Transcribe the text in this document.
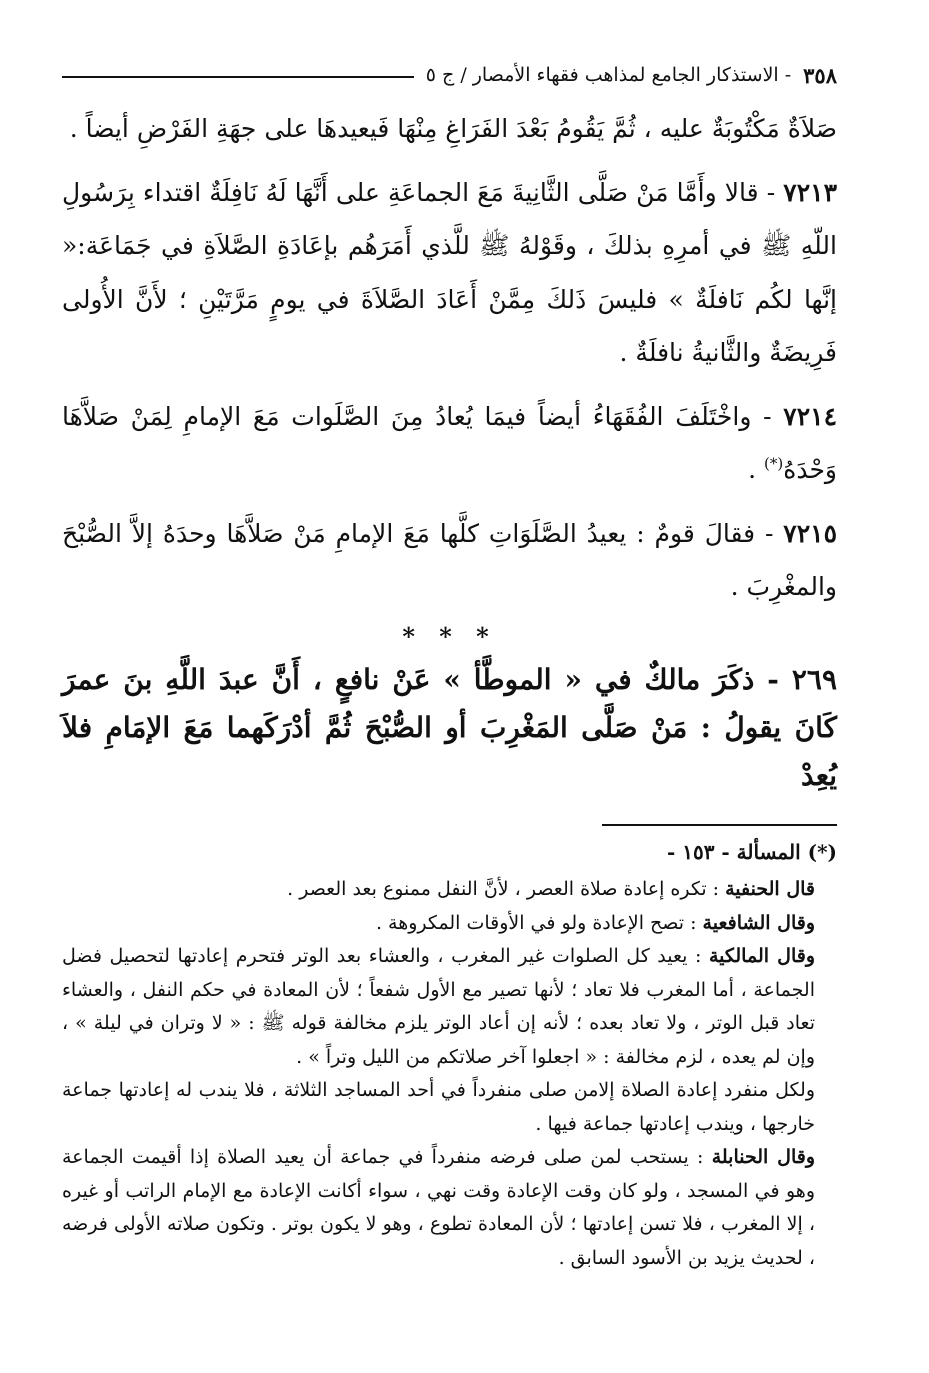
٣٥٨
- الاستذكار الجامع لمذاهب فقهاء الأمصار / ج ٥

صَلاَةٌ مَكْتُوبَةٌ عليه ، ثُمَّ يَقُومُ بَعْدَ الفَرَاغِ مِنْهَا فَيعيدهَا على جهَةِ الفَرْضِ أيضاً .

٧٢١٣ - قالا وأَمَّا مَنْ صَلَّى الثَّانِيةَ مَعَ الجماعَةِ على أَنَّهَا لَهُ نَافِلَةٌ اقتداء بِرَسُولِ اللّهِ ﷺ في أمرِهِ بذلكَ ، وقَوْلهُ ﷺ للَّذي أَمَرَهُم بإعَادَةِ الصَّلاَةِ في جَمَاعَة:« إنَّها لكُم نَافلَةٌ » فليسَ ذَلكَ مِمَّنْ أَعَادَ الصَّلاَةَ في يومٍ مَرَّتَيْنِ ؛ لأَنَّ الأُولى فَرِيضَةٌ والثَّانيةُ نافلَةٌ .

٧٢١٤ - واخْتَلَفَ الفُقَهَاءُ أيضاً فيمَا يُعادُ مِنَ الصَّلَوات مَعَ الإمامِ لِمَنْ صَلاَّهَا وَحْدَهُ(*) .

٧٢١٥ - فقالَ قومٌ : يعيدُ الصَّلَوَاتِ كلَّها مَعَ الإمامِ مَنْ صَلاَّهَا وحدَهُ إلاَّ الصُّبْحَ والمغْرِبَ .

* * *

٢٦٩ - ذكَرَ مالكٌ في « الموطَّأ » عَنْ نافعٍ ، أَنَّ عبدَ اللَّهِ بنَ عمرَ كَانَ يقولُ : مَنْ صَلَّى المَغْرِبَ أو الصُّبْحَ ثُمَّ أدْرَكَهما مَعَ الإمَامِ فلاَ يُعِدْ

(*) المسألة - ١٥٣ -

قال الحنفية : تكره إعادة صلاة العصر ، لأنَّ النفل ممنوع بعد العصر .

وقال الشافعية : تصح الإعادة ولو في الأوقات المكروهة .

وقال المالكية : يعيد كل الصلوات غير المغرب ، والعشاء بعد الوتر فتحرم إعادتها لتحصيل فضل الجماعة ، أما المغرب فلا تعاد ؛ لأنها تصير مع الأول شفعاً ؛ لأن المعادة في حكم النفل ، والعشاء تعاد قبل الوتر ، ولا تعاد بعده ؛ لأنه إن أعاد الوتر يلزم مخالفة قوله ﷺ : « لا وتران في ليلة » ، وإن لم يعده ، لزم مخالفة : « اجعلوا آخر صلاتكم من الليل وتراً » .

ولكل منفرد إعادة الصلاة إلامن صلى منفرداً في أحد المساجد الثلاثة ، فلا يندب له إعادتها جماعة خارجها ، ويندب إعادتها جماعة فيها .

وقال الحنابلة : يستحب لمن صلى فرضه منفرداً في جماعة أن يعيد الصلاة إذا أقيمت الجماعة وهو في المسجد ، ولو كان وقت الإعادة وقت نهي ، سواء أكانت الإعادة مع الإمام الراتب أو غيره ، إلا المغرب ، فلا تسن إعادتها ؛ لأن المعادة تطوع ، وهو لا يكون بوتر . وتكون صلاته الأولى فرضه ، لحديث يزيد بن الأسود السابق .
